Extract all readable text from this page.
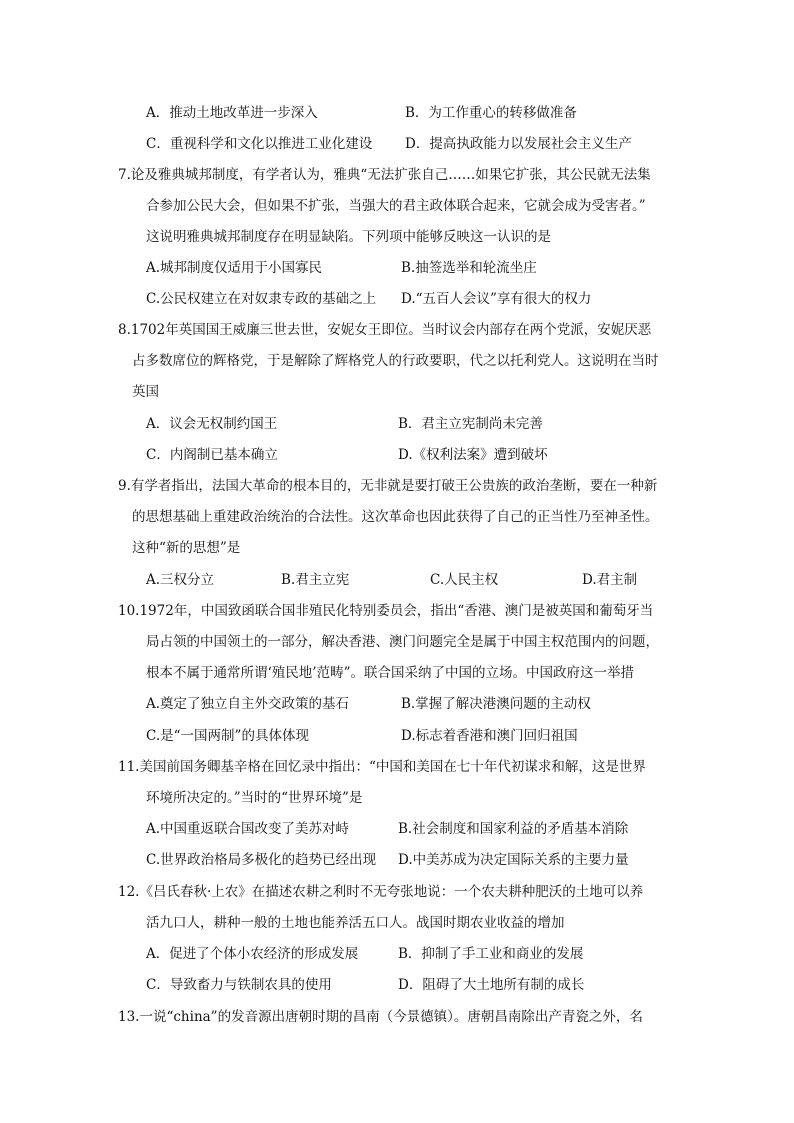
A．推动土地改革进一步深入	B．为工作重心的转移做准备
C．重视科学和文化以推进工业化建设 D．提高执政能力以发展社会主义生产
7.论及雅典城邦制度，有学者认为，雅典“无法扩张自己……如果它扩张，其公民就无法集
合参加公民大会，但如果不扩张，当强大的君主政体联合起来，它就会成为受害者。”
这说明雅典城邦制度存在明显缺陷。下列项中能够反映这一认识的是
A.城邦制度仅适用于小国寡民	B.抽签选举和轮流坐庄
C.公民权建立在对奴隶专政的基础之上 D.“五百人会议”享有很大的权力
8.1702年英国国王威廉三世去世，安妮女王即位。当时议会内部存在两个党派，安妮厌恶
占多数席位的辉格党，于是解除了辉格党人的行政要职，代之以托利党人。这说明在当时
英国
A．议会无权制约国王	B．君主立宪制尚未完善
C．内阁制已基本确立	D.《权利法案》遭到破坏
9.有学者指出，法国大革命的根本目的，无非就是要打破王公贵族的政治垄断，要在一种新
的思想基础上重建政治统治的合法性。这次革命也因此获得了自己的正当性乃至神圣性。
这种“新的思想”是
A.三权分立	B.君主立宪	C.人民主权	D.君主制
10.1972年，中国致函联合国非殖民化特别委员会，指出“香港、澳门是被英国和葡萄牙当
局占领的中国领土的一部分，解决香港、澳门问题完全是属于中国主权范围内的问题，
根本不属于通常所谓‘殖民地’范畴”。联合国采纳了中国的立场。中国政府这一举措
A.奠定了独立自主外交政策的基石	B.掌握了解决港澳问题的主动权
C.是“一国两制”的具体体现	D.标志着香港和澳门回归祖国
11.美国前国务卿基辛格在回忆录中指出：“中国和美国在七十年代初谋求和解，这是世界
环境所决定的。”当时的“世界环境”是
A.中国重返联合国改变了美苏对峙	B.社会制度和国家利益的矛盾基本消除
C.世界政治格局多极化的趋势已经出现 D.中美苏成为决定国际关系的主要力量
12.《吕氏春秋·上农》在描述农耕之利时不无夸张地说：一个农夫耕种肥沃的土地可以养
活九口人，耕种一般的土地也能养活五口人。战国时期农业收益的增加
A．促进了个体小农经济的形成发展	B．抑制了手工业和商业的发展
C．导致畜力与铁制农具的使用	D．阻碍了大土地所有制的成长
13.一说“china”的发音源出唐朝时期的昌南（今景德镇）。唐朝昌南除出产青瓷之外，名
